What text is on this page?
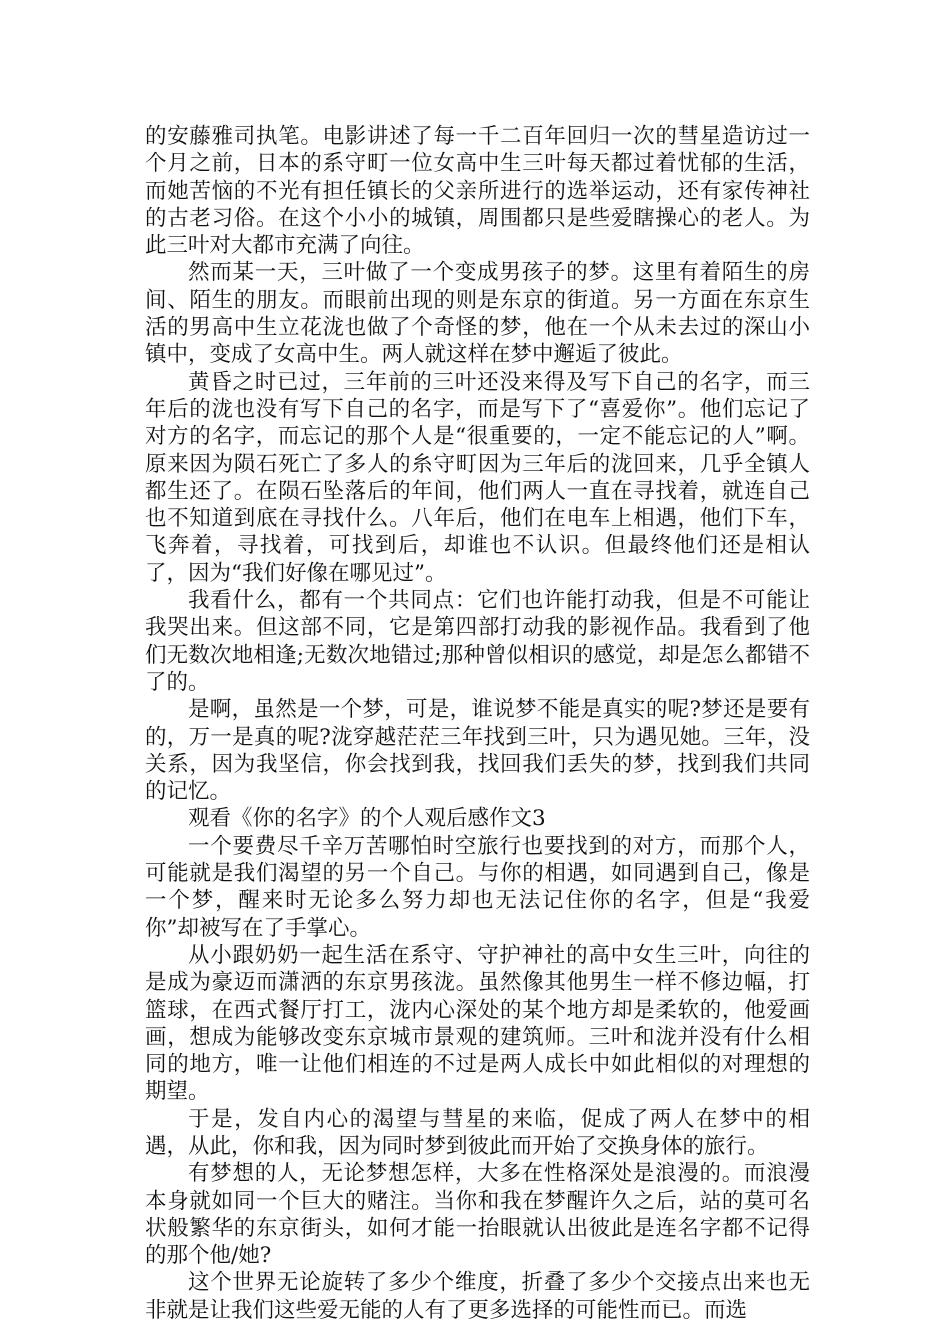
的安藤雅司执笔。电影讲述了每一千二百年回归一次的彗星造访过一个月之前，日本的系守町一位女高中生三叶每天都过着忧郁的生活，而她苦恼的不光有担任镇长的父亲所进行的选举运动，还有家传神社的古老习俗。在这个小小的城镇，周围都只是些爱瞎操心的老人。为此三叶对大都市充满了向往。

然而某一天，三叶做了一个变成男孩子的梦。这里有着陌生的房间、陌生的朋友。而眼前出现的则是东京的街道。另一方面在东京生活的男高中生立花泷也做了个奇怪的梦，他在一个从未去过的深山小镇中，变成了女高中生。两人就这样在梦中邂逅了彼此。

黄昏之时已过，三年前的三叶还没来得及写下自己的名字，而三年后的泷也没有写下自己的名字，而是写下了“喜爱你”。他们忘记了对方的名字，而忘记的那个人是“很重要的，一定不能忘记的人”啊。原来因为陨石死亡了多人的糸守町因为三年后的泷回来，几乎全镇人都生还了。在陨石坠落后的年间，他们两人一直在寻找着，就连自己也不知道到底在寻找什么。八年后，他们在电车上相遇，他们下车，飞奔着，寻找着，可找到后，却谁也不认识。但最终他们还是相认了，因为“我们好像在哪见过”。

我看什么，都有一个共同点：它们也许能打动我，但是不可能让我哭出来。但这部不同，它是第四部打动我的影视作品。我看到了他们无数次地相逢;无数次地错过;那种曾似相识的感觉，却是怎么都错不了的。

是啊，虽然是一个梦，可是，谁说梦不能是真实的呢?梦还是要有的，万一是真的呢?泷穿越茫茫三年找到三叶，只为遇见她。三年，没关系，因为我坚信，你会找到我，找回我们丢失的梦，找到我们共同的记忆。

观看《你的名字》的个人观后感作文3

一个要费尽千辛万苦哪怕时空旅行也要找到的对方，而那个人，可能就是我们渴望的另一个自己。与你的相遇，如同遇到自己，像是一个梦，醒来时无论多么努力却也无法记住你的名字，但是“我爱你”却被写在了手掌心。

从小跟奶奶一起生活在系守、守护神社的高中女生三叶，向往的是成为豪迈而潇洒的东京男孩泷。虽然像其他男生一样不修边幅，打篮球，在西式餐厅打工，泷内心深处的某个地方却是柔软的，他爱画画，想成为能够改变东京城市景观的建筑师。三叶和泷并没有什么相同的地方，唯一让他们相连的不过是两人成长中如此相似的对理想的期望。

于是，发自内心的渴望与彗星的来临，促成了两人在梦中的相遇，从此，你和我，因为同时梦到彼此而开始了交换身体的旅行。

有梦想的人，无论梦想怎样，大多在性格深处是浪漫的。而浪漫本身就如同一个巨大的赌注。当你和我在梦醒许久之后，站的莫可名状般繁华的东京街头，如何才能一抬眼就认出彼此是连名字都不记得的那个他/她?

这个世界无论旋转了多少个维度，折叠了多少个交接点出来也无非就是让我们这些爱无能的人有了更多选择的可能性而已。而选
